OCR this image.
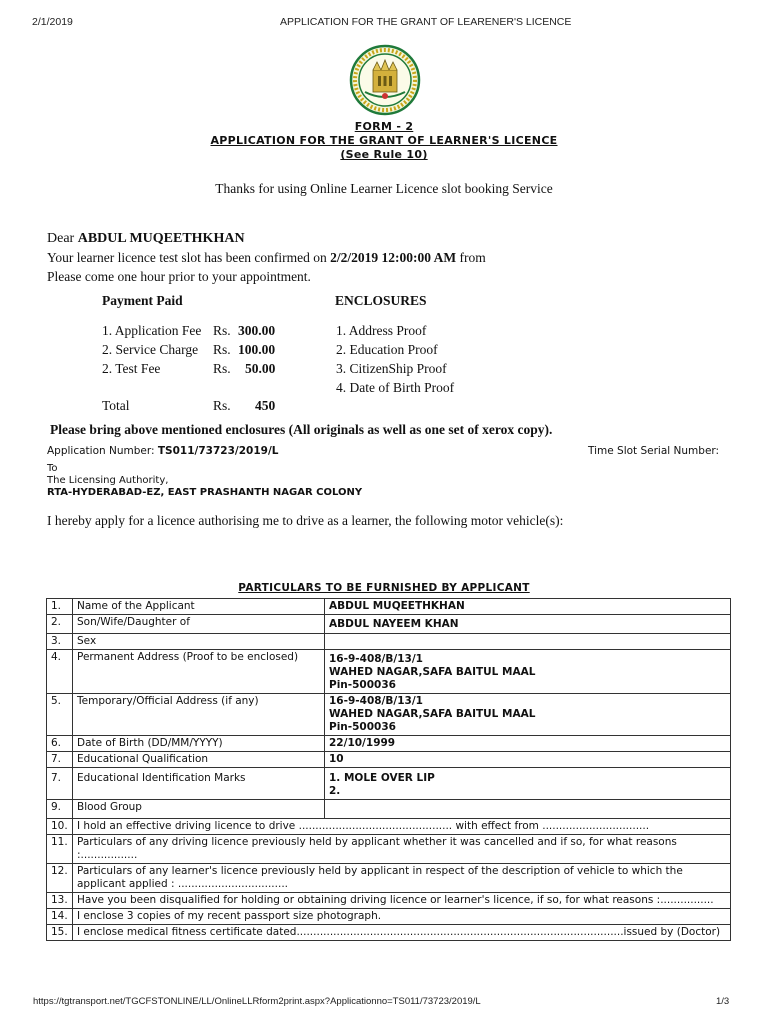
2/1/2019	APPLICATION FOR THE GRANT OF LEARENER'S LICENCE
FORM - 2
APPLICATION FOR THE GRANT OF LEARNER'S LICENCE
(See Rule 10)
Thanks for using Online Learner Licence slot booking Service
Dear ABDUL MUQEETHKHAN
Your learner licence test slot has been confirmed on 2/2/2019 12:00:00 AM from
Please come one hour prior to your appointment.
Payment Paid	ENCLOSURES
1. Application Fee Rs. 300.00
2. Service Charge Rs. 100.00
2. Test Fee	Rs. 50.00
Total	Rs. 450
1. Address Proof
2. Education Proof
3. CitizenShip Proof
4. Date of Birth Proof
Please bring above mentioned enclosures (All originals as well as one set of xerox copy).
Application Number: TS011/73723/2019/L	Time Slot Serial Number:
To
The Licensing Authority,
RTA-HYDERABAD-EZ, EAST PRASHANTH NAGAR COLONY
I hereby apply for a licence authorising me to drive as a learner, the following motor vehicle(s):
PARTICULARS TO BE FURNISHED BY APPLICANT
1.	Name of the Applicant	ABDUL MUQEETHKHAN
2.	Son/Wife/Daughter of	ABDUL NAYEEM KHAN
3.	Sex	
4.	Permanent Address (Proof to be enclosed)	16-9-408/B/13/1
WAHED NAGAR,SAFA BAITUL MAAL
Pin-500036
5.	Temporary/Official Address (if any)	16-9-408/B/13/1
WAHED NAGAR,SAFA BAITUL MAAL
Pin-500036
6.	Date of Birth (DD/MM/YYYY)	22/10/1999
7.	Educational Qualification	10
7.	Educational Identification Marks	1. MOLE OVER LIP
2.
9.	Blood Group	
10.	I hold an effective driving licence to drive .............................................. with effect from ................................	
11.	Particulars of any driving licence previously held by applicant whether it was cancelled and if so, for what reasons :.................	
12.	Particulars of any learner's licence previously held by applicant in respect of the description of vehicle to which the applicant applied : .................................	
13.	Have you been disqualified for holding or obtaining driving licence or learner's licence, if so, for what reasons :................	
14.	I enclose 3 copies of my recent passport size photograph.	
15.	I enclose medical fitness certificate dated..................................................................................................issued by (Doctor)	
https://tgtransport.net/TGCFSTONLINE/LL/OnlineLLRform2print.aspx?Applicationno=TS011/73723/2019/L	1/3
